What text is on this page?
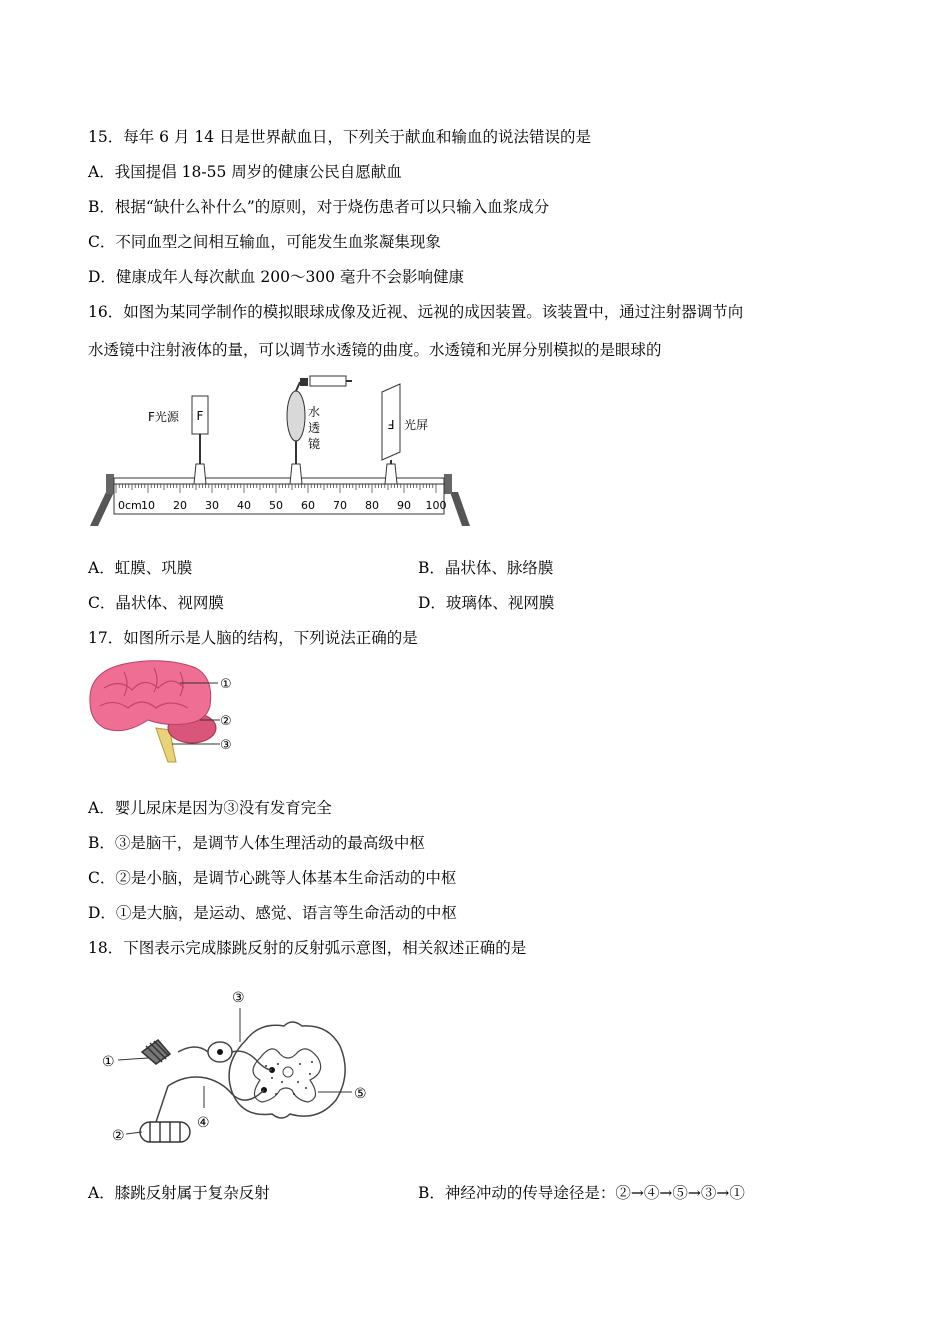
15．每年 6 月 14 日是世界献血日，下列关于献血和输血的说法错误的是
A．我国提倡 18-55 周岁的健康公民自愿献血
B．根据“缺什么补什么”的原则，对于烧伤患者可以只输入血浆成分
C．不同血型之间相互输血，可能发生血浆凝集现象
D．健康成年人每次献血 200～300 毫升不会影响健康
16．如图为某同学制作的模拟眼球成像及近视、远视的成因装置。该装置中，通过注射器调节向
水透镜中注射液体的量，可以调节水透镜的曲度。水透镜和光屏分别模拟的是眼球的
0cm 10 20 30 40 50 60 70 80 90 100
F
F光源	水
透
镜
F 光屏
A．虹膜、巩膜	B．晶状体、脉络膜
C．晶状体、视网膜	D．玻璃体、视网膜
17．如图所示是人脑的结构，下列说法正确的是
①
②
③
A．婴儿尿床是因为③没有发育完全
B．③是脑干，是调节人体生理活动的最高级中枢
C．②是小脑，是调节心跳等人体基本生命活动的中枢
D．①是大脑，是运动、感觉、语言等生命活动的中枢
18．下图表示完成膝跳反射的反射弧示意图，相关叙述正确的是
①
②
③
④
⑤
A．膝跳反射属于复杂反射	B．神经冲动的传导途径是：②→④→⑤→③→①
